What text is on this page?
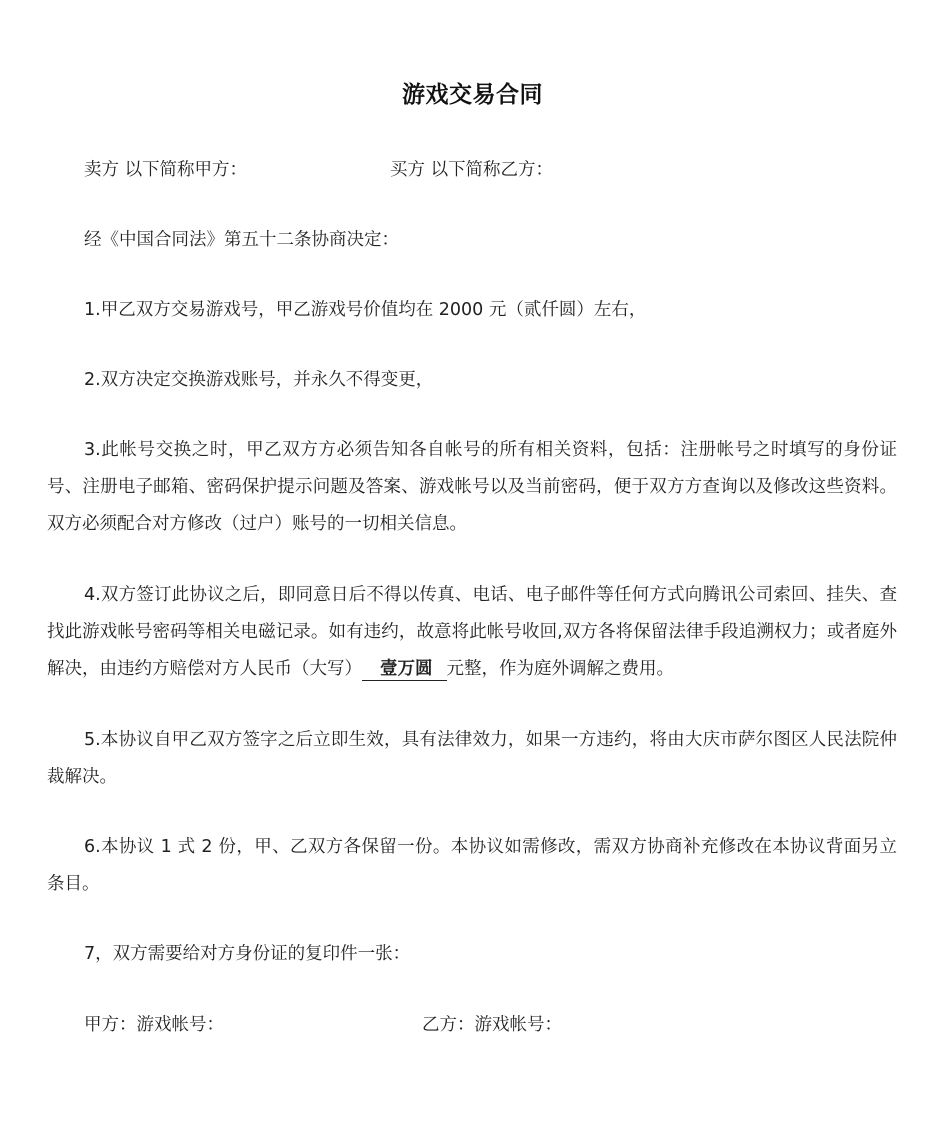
游戏交易合同
卖方 以下简称甲方：	买方 以下简称乙方：
经《中国合同法》第五十二条协商决定：
1.甲乙双方交易游戏号，甲乙游戏号价值均在 2000 元（贰仟圆）左右，
2.双方决定交换游戏账号，并永久不得变更，
3.此帐号交换之时，甲乙双方方必须告知各自帐号的所有相关资料，包括：注册帐号之时填写的身份证号、注册电子邮箱、密码保护提示问题及答案、游戏帐号以及当前密码，便于双方方查询以及修改这些资料。双方必须配合对方修改（过户）账号的一切相关信息。
4.双方签订此协议之后，即同意日后不得以传真、电话、电子邮件等任何方式向腾讯公司索回、挂失、查找此游戏帐号密码等相关电磁记录。如有违约，故意将此帐号收回,双方各将保留法律手段追溯权力；或者庭外解决，由违约方赔偿对方人民币（大写） 壹万圆 元整，作为庭外调解之费用。
5.本协议自甲乙双方签字之后立即生效，具有法律效力，如果一方违约，将由大庆市萨尔图区人民法院仲裁解决。
6.本协议 1 式 2 份，甲、乙双方各保留一份。本协议如需修改，需双方协商补充修改在本协议背面另立条目。
7，双方需要给对方身份证的复印件一张：
甲方：游戏帐号：	乙方：游戏帐号：
